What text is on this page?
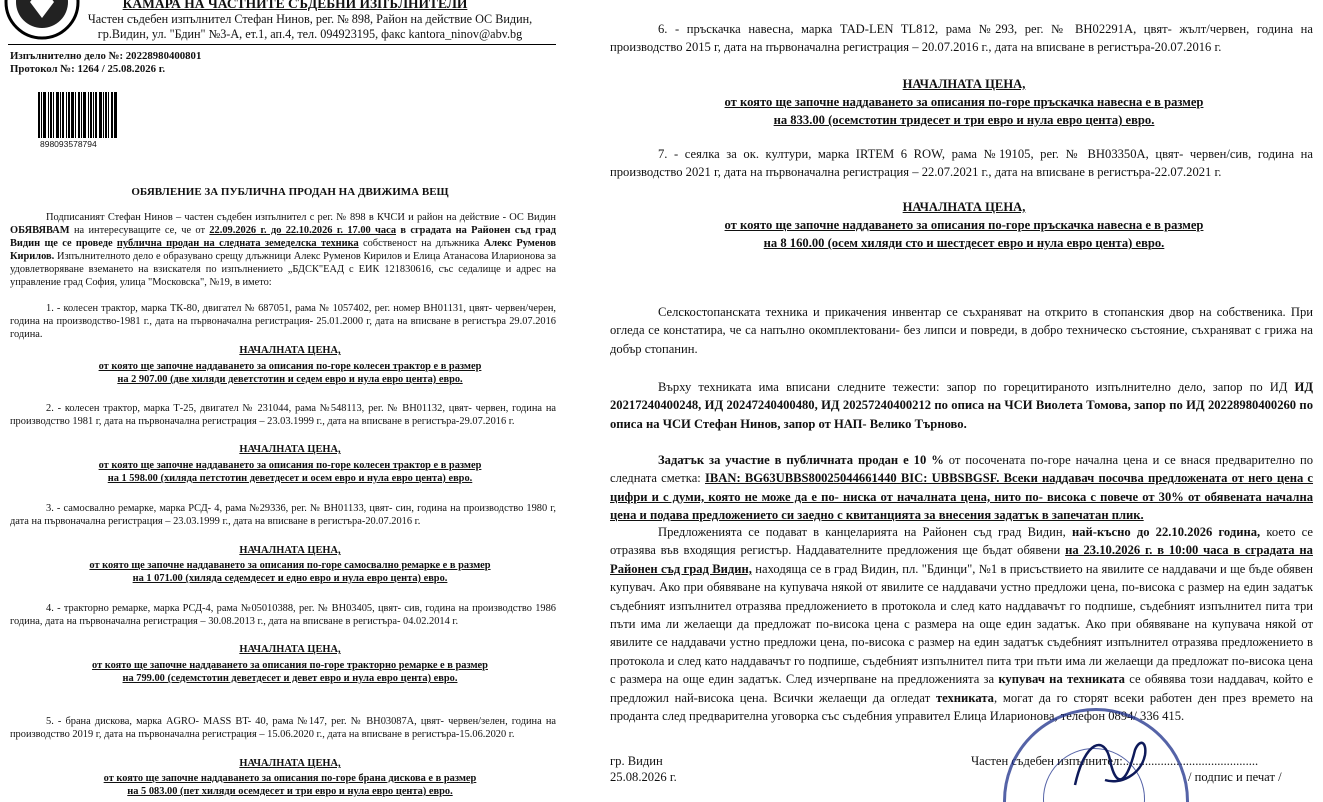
КАМАРА НА ЧАСТНИТЕ СЪДЕБНИ ИЗПЪЛНИТЕЛИ
Частен съдебен изпълнител Стефан Нинов, рег. № 898, Район на действие ОС Видин,
гр.Видин, ул. "Бдин" №3-А, ет.1, ап.4, тел. 094923195, факс kantora_ninov@abv.bg
Изпълнително дело №: 20228980400801
Протокол №: 1264 / 25.08.2026 г.
898093578794
ОБЯВЛЕНИЕ ЗА ПУБЛИЧНА ПРОДАН НА ДВИЖИМА ВЕЩ
Подписаният Стефан Нинов – частен съдебен изпълнител с рег. № 898 в КЧСИ и район на действие - ОС Видин ОБЯВЯВАМ на интересуващите се, че от 22.09.2026 г. до 22.10.2026 г. 17.00 часа в сградата на Районен съд град Видин ще се проведе публична продан на следната земеделска техника собственост на длъжника Алекс Руменов Кирилов. Изпълнителното дело е образувано срещу длъжници Алекс Руменов Кирилов и Елица Атанасова Иларионова за удовлетворяване вземането на взискателя по изпълнението „БДСК"ЕАД с ЕИК 121830616, със седалище и адрес на управление град София, улица "Московска", №19, в името:
1. - колесен трактор, марка ТК-80, двигател № 687051, рама № 1057402, рег. номер ВН01131, цвят- червен/черен, година на производство-1981 г., дата на първоначална регистрация- 25.01.2000 г, дата на вписване в регистъра 29.07.2016 година.
НАЧАЛНАТА ЦЕНА,
от която ще започне наддаването за описания по-горе колесен трактор е в размер
на 2 907.00 (две хиляди деветстотин и седем евро и нула евро цента) евро.
2. - колесен трактор, марка Т-25, двигател № 231044, рама №548113, рег. № ВН01132, цвят- червен, година на производство 1981 г, дата на първоначална регистрация – 23.03.1999 г., дата на вписване в регистъра-29.07.2016 г.
НАЧАЛНАТА ЦЕНА,
от която ще започне наддаването за описания по-горе колесен трактор е в размер
на 1 598.00 (хиляда петстотин деветдесет и осем евро и нула евро цента) евро.
3. - самосвално ремарке, марка РСД- 4, рама №29336, рег. № ВН01133, цвят- син, година на производство 1980 г, дата на първоначална регистрация – 23.03.1999 г., дата на вписване в регистъра-20.07.2016 г.
НАЧАЛНАТА ЦЕНА,
от която ще започне наддаването за описания по-горе самосвално ремарке е в размер
на 1 071.00 (хиляда седемдесет и едно евро и нула евро цента) евро.
4. - тракторно ремарке, марка РСД-4, рама №05010388, рег. № ВН03405, цвят- сив, година на производство 1986 година, дата на първоначална регистрация – 30.08.2013 г., дата на вписване в регистъра- 04.02.2014 г.
НАЧАЛНАТА ЦЕНА,
от която ще започне наддаването за описания по-горе тракторно ремарке е в размер
на 799.00 (седемстотин деветдесет и девет евро и нула евро цента) евро.
5. - брана дискова, марка AGRO- MASS BT- 40, рама №147, рег. № ВН03087А, цвят- червен/зелен, година на производство 2019 г, дата на първоначална регистрация – 15.06.2020 г., дата на вписване в регистъра-15.06.2020 г.
НАЧАЛНАТА ЦЕНА,
от която ще започне наддаването за описания по-горе брана дискова е в размер
на 5 083.00 (пет хиляди осемдесет и три евро и нула евро цента) евро.
6. - пръскачка навесна, марка TAD-LEN TL812, рама №293, рег. № ВН02291А, цвят- жълт/червен, година на производство 2015 г, дата на първоначална регистрация – 20.07.2016 г., дата на вписване в регистъра-20.07.2016 г.
НАЧАЛНАТА ЦЕНА,
от която ще започне наддаването за описания по-горе пръскачка навесна е в размер
на 833.00 (осемстотин тридесет и три евро и нула евро цента) евро.
7. - сеялка за ок. култури, марка IRTEM 6 ROW, рама №19105, рег. № ВН03350А, цвят- червен/сив, година на производство 2021 г, дата на първоначална регистрация – 22.07.2021 г., дата на вписване в регистъра-22.07.2021 г.
НАЧАЛНАТА ЦЕНА,
от която ще започне наддаването за описания по-горе пръскачка навесна е в размер
на 8 160.00 (осем хиляди сто и шестдесет евро и нула евро цента) евро.
Селскостопанската техника и прикачения инвентар се съхраняват на открито в стопанския двор на собственика. При огледа се констатира, че са напълно окомплектовани- без липси и повреди, в добро техническо състояние, съхранявaт с грижа на добър стопанин.
Върху техниката има вписани следните тежести: запор по горецитираното изпълнително дело, запор по ИД ИД 20217240400248, ИД 20247240400480, ИД 20257240400212 по описа на ЧСИ Виолета Томова, запор по ИД 20228980400260 по описа на ЧСИ Стефан Нинов, запор от НАП- Велико Търново.
Задатък за участие в публичната продан е 10 % от посочената по-горе начална цена и се внася предварително по следната сметка: IBAN: BG63UBBS80025044661440 BIC: UBBSBGSF. Всеки наддавач посочва предложената от него цена с цифри и с думи, която не може да е по- ниска от началната цена, нито по- висока с повече от 30% от обявената начална цена и подава предложението си заедно с квитанцията за внесения задатък в запечатан плик.
Предложенията се подават в канцеларията на Районен съд град Видин, най-късно до 22.10.2026 година, което се отразява във входящия регистър. Наддавателните предложения ще бъдат обявени на 23.10.2026 г. в 10:00 часа в сградата на Районен съд град Видин, находяща се в град Видин, пл. "Бдинци", №1 в присъствието на явилите се наддавачи и ще бъде обявен купувач. Ако при обявяване на купувача някой от явилите се наддавачи устно предложи цена, по-висока с размер на един задатък съдебният изпълнител отразява предложението в протокола и след като наддавачът го подпише, съдебният изпълнител пита три пъти има ли желаещи да предложат по-висока цена с размера на още един задатък. Ако при обявяване на купувача някой от явилите се наддавачи устно предложи цена, по-висока с размер на един задатък съдебният изпълнител отразява предложението в протокола и след като наддавачът го подпише, съдебният изпълнител пита три пъти има ли желаещи да предложат по-висока цена с размера на още един задатък. След изчерпване на предложенията за купувач на техниката се обявява този наддавач, който е предложил най-висока цена. Всички желаещи да огледат техниката, могат да го сторят всеки работен ден през времето на проданта след предварителна уговорка със съдебния управител Елица Иларионова, телефон 0894/ 336 415.
гр. Видин
25.08.2026 г.
Частен съдебен изпълнител:...........................................
/ подпис и печат /
